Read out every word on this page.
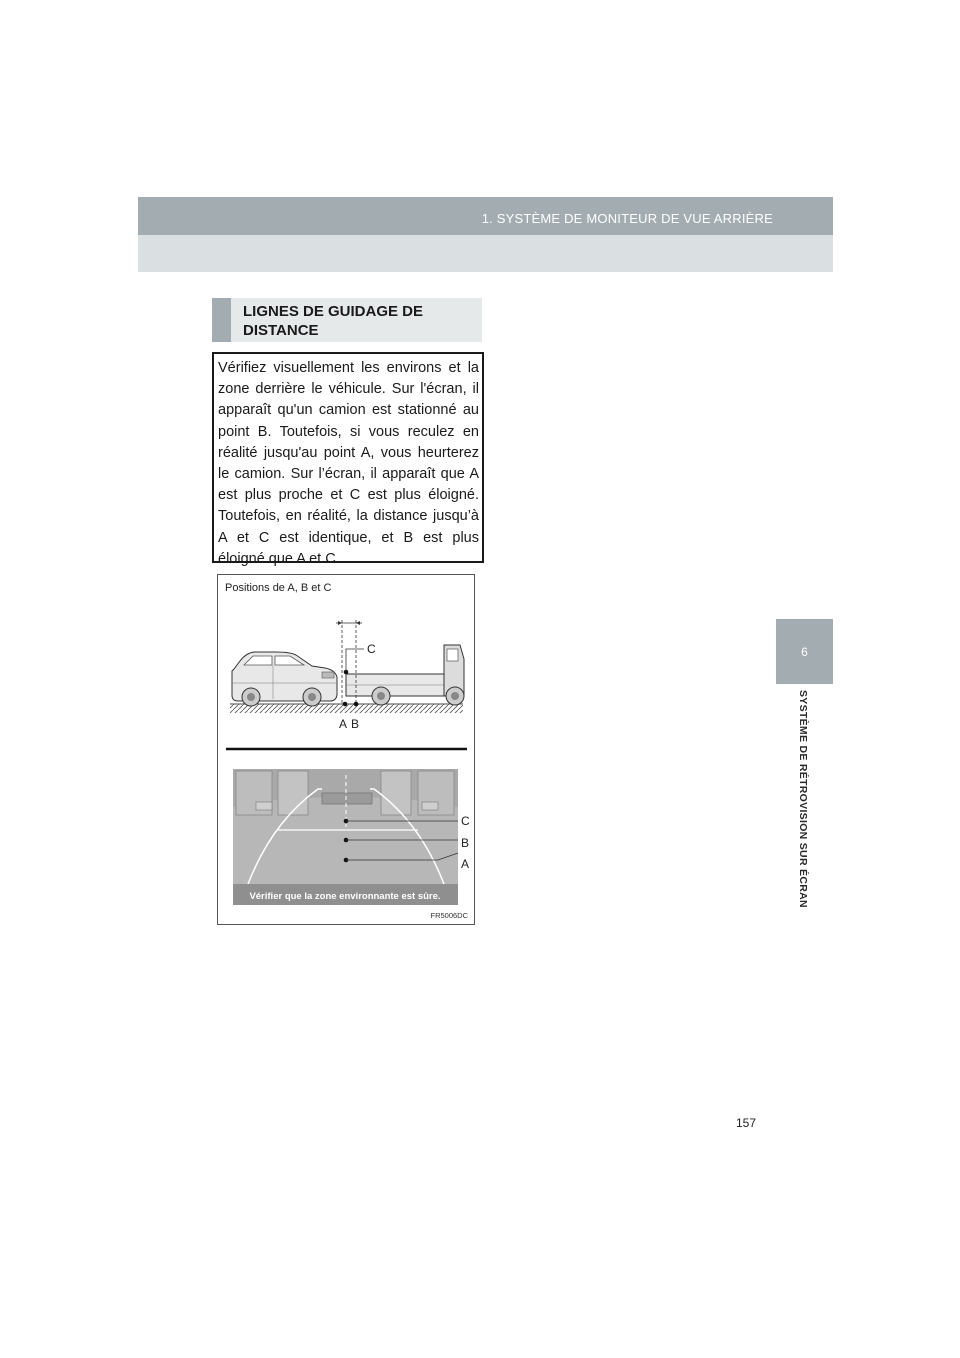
1. SYSTÈME DE MONITEUR DE VUE ARRIÈRE
6
SYSTÈME DE RÉTROVISION SUR ÉCRAN
LIGNES DE GUIDAGE DE DISTANCE

Vérifiez visuellement les environs et la zone derrière le véhicule. Sur l'écran, il apparaît qu'un camion est stationné au point B. Toutefois, si vous reculez en réalité jusqu'au point A, vous heurterez le camion. Sur l’écran, il apparaît que A est plus proche et C est plus éloigné. Toutefois, en réalité, la distance jusqu’à A et C est identique, et B est plus éloigné que A et C.

Positions de A, B et C
C
A B
Vérifier que la zone environnante est sûre.
C
B
A
FR5006DC
157
